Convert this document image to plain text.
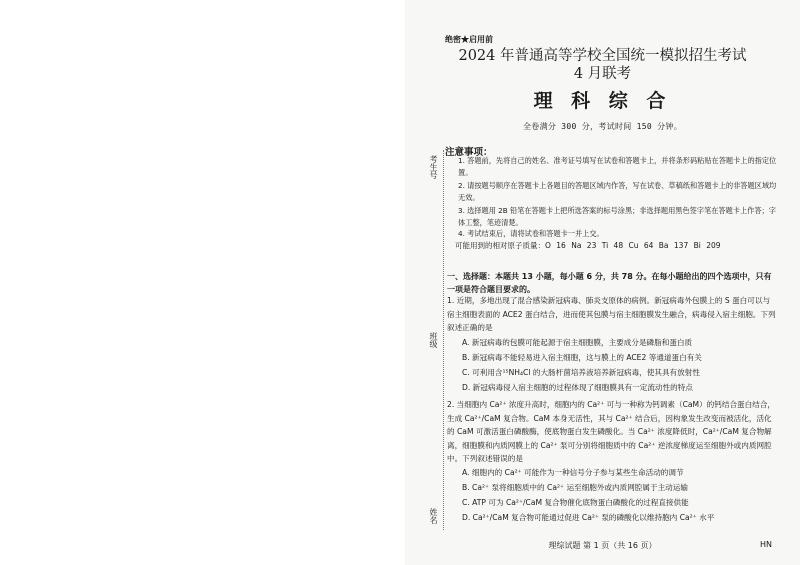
绝密★启用前
2024 年普通高等学校全国统一模拟招生考试
4 月联考
理 科 综 合
全卷满分 300 分，考试时间 150 分钟。
考生号
班级
姓名
注意事项：
1. 答题前，先将自己的姓名、准考证号填写在试卷和答题卡上，并将条形码粘贴在答题卡上的指定位置。
2. 请按题号顺序在答题卡上各题目的答题区域内作答，写在试卷、草稿纸和答题卡上的非答题区域均无效。
3. 选择题用 2B 铅笔在答题卡上把所选答案的标号涂黑；非选择题用黑色签字笔在答题卡上作答；字体工整，笔迹清楚。
4. 考试结束后，请将试卷和答题卡一并上交。
可能用到的相对原子质量：O 16 Na 23 Ti 48 Cu 64 Ba 137 Bi 209
一、选择题：本题共 13 小题，每小题 6 分，共 78 分。在每小题给出的四个选项中，只有一项是符合题目要求的。
1. 近期，多地出现了混合感染新冠病毒、肺炎支原体的病例。新冠病毒外包膜上的 S 蛋白可以与宿主细胞表面的 ACE2 蛋白结合，进而使其包膜与宿主细胞膜发生融合，病毒侵入宿主细胞。下列叙述正确的是
A. 新冠病毒的包膜可能起源于宿主细胞膜，主要成分是磷脂和蛋白质
B. 新冠病毒不能轻易进入宿主细胞，这与膜上的 ACE2 等通道蛋白有关
C. 可利用含¹⁵NH₄Cl 的大肠杆菌培养液培养新冠病毒，使其具有放射性
D. 新冠病毒侵入宿主细胞的过程体现了细胞膜具有一定流动性的特点
2. 当细胞内 Ca²⁺ 浓度升高时，细胞内的 Ca²⁺ 可与一种称为钙调素（CaM）的钙结合蛋白结合，生成 Ca²⁺/CaM 复合物。CaM 本身无活性，其与 Ca²⁺ 结合后，因构象发生改变而被活化，活化的 CaM 可激活蛋白磷酸酶，使底物蛋白发生磷酸化。当 Ca²⁺ 浓度降低时，Ca²⁺/CaM 复合物解离，细胞膜和内质网膜上的 Ca²⁺ 泵可分别将细胞质中的 Ca²⁺ 逆浓度梯度运至细胞外或内质网腔中。下列叙述错误的是
A. 细胞内的 Ca²⁺ 可能作为一种信号分子参与某些生命活动的调节
B. Ca²⁺ 泵将细胞质中的 Ca²⁺ 运至细胞外或内质网腔属于主动运输
C. ATP 可为 Ca²⁺/CaM 复合物催化底物蛋白磷酸化的过程直接供能
D. Ca²⁺/CaM 复合物可能通过促进 Ca²⁺ 泵的磷酸化以维持胞内 Ca²⁺ 水平
理综试题 第 1 页（共 16 页）	HN
